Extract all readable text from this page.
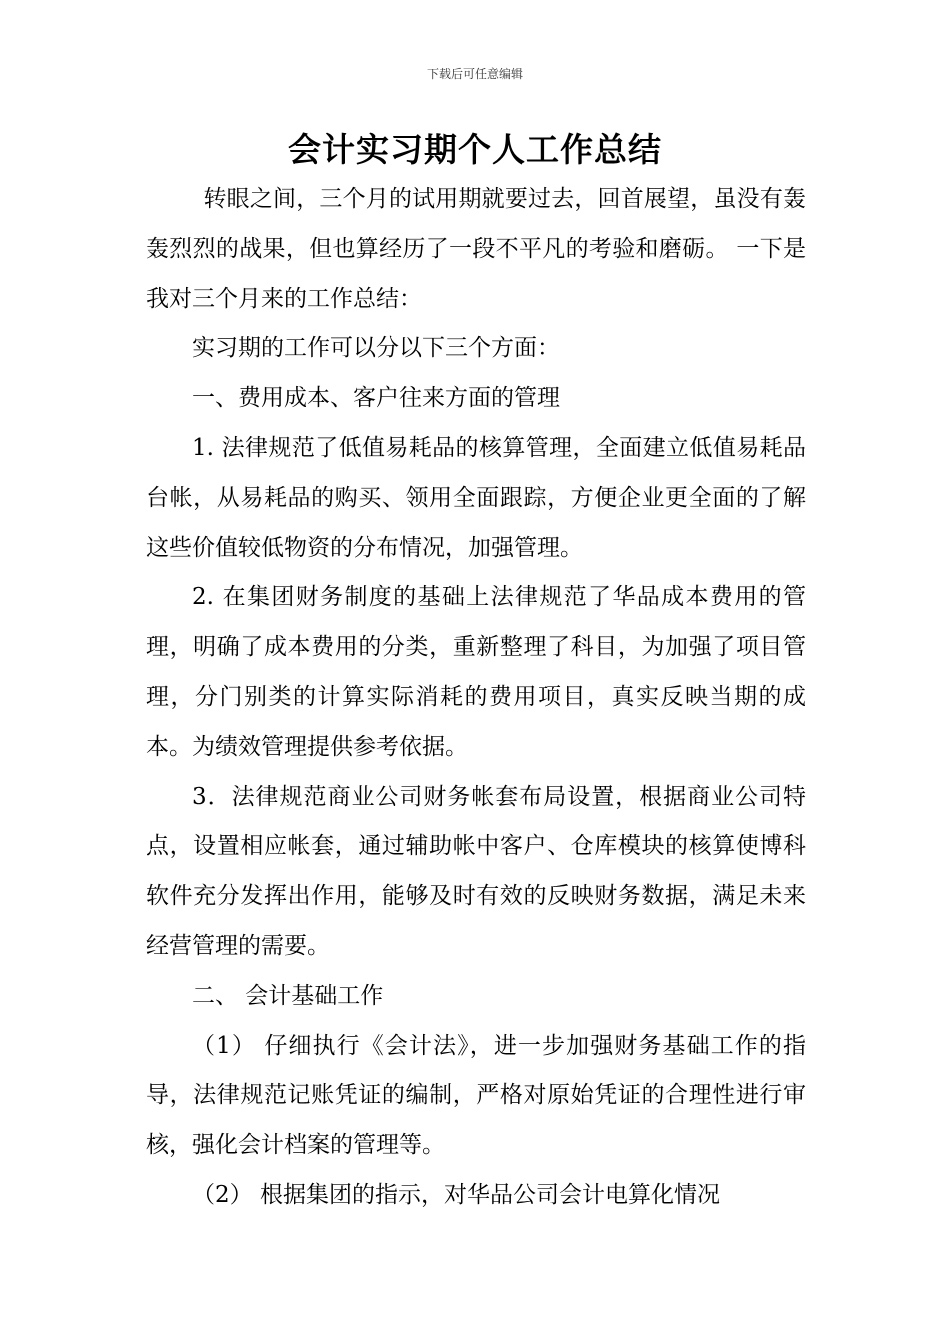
下载后可任意编辑
会计实习期个人工作总结

转眼之间，三个月的试用期就要过去，回首展望，虽没有轰轰烈烈的战果，但也算经历了一段不平凡的考验和磨砺。 一下是我对三个月来的工作总结：

实习期的工作可以分以下三个方面：

一、费用成本、客户往来方面的管理

1. 法律规范了低值易耗品的核算管理，全面建立低值易耗品台帐，从易耗品的购买、领用全面跟踪，方便企业更全面的了解这些价值较低物资的分布情况，加强管理。

2. 在集团财务制度的基础上法律规范了华品成本费用的管理，明确了成本费用的分类，重新整理了科目，为加强了项目管理，分门别类的计算实际消耗的费用项目，真实反映当期的成本。为绩效管理提供参考依据。

3．法律规范商业公司财务帐套布局设置，根据商业公司特点，设置相应帐套，通过辅助帐中客户、仓库模块的核算使博科软件充分发挥出作用，能够及时有效的反映财务数据，满足未来经营管理的需要。

二、 会计基础工作

（1） 仔细执行《会计法》，进一步加强财务基础工作的指导，法律规范记账凭证的编制，严格对原始凭证的合理性进行审核，强化会计档案的管理等。

（2） 根据集团的指示，对华品公司会计电算化情况
